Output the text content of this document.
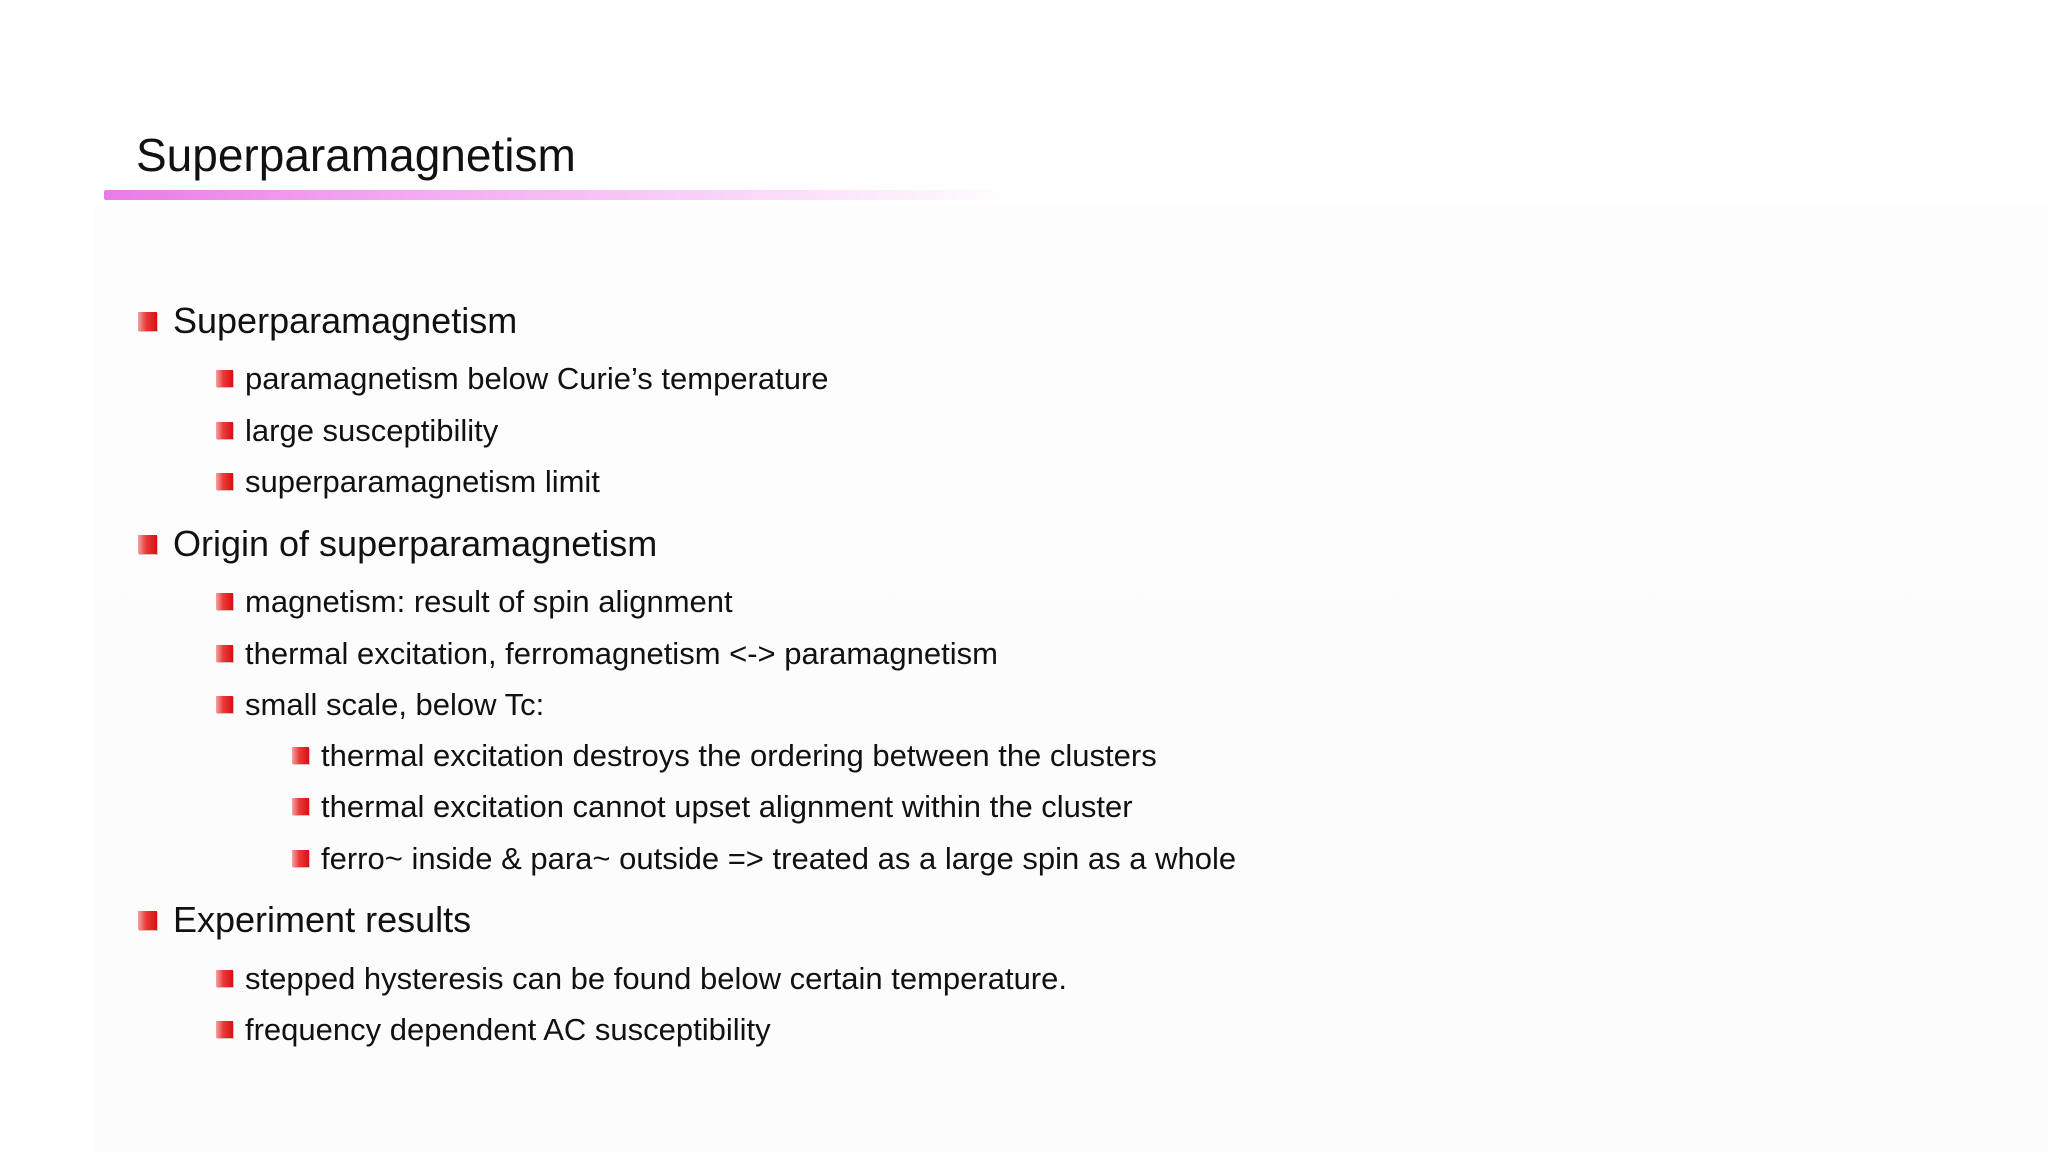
Superparamagnetism
Superparamagnetism
paramagnetism below Curie’s temperature
large susceptibility
superparamagnetism limit
Origin of superparamagnetism
magnetism: result of spin alignment
thermal excitation, ferromagnetism <-> paramagnetism
small scale, below Tc:
thermal excitation destroys the ordering between the clusters
thermal excitation cannot upset alignment within the cluster
ferro~ inside & para~ outside => treated as a large spin as a whole
Experiment results
stepped hysteresis can be found below certain temperature.
frequency dependent AC susceptibility
